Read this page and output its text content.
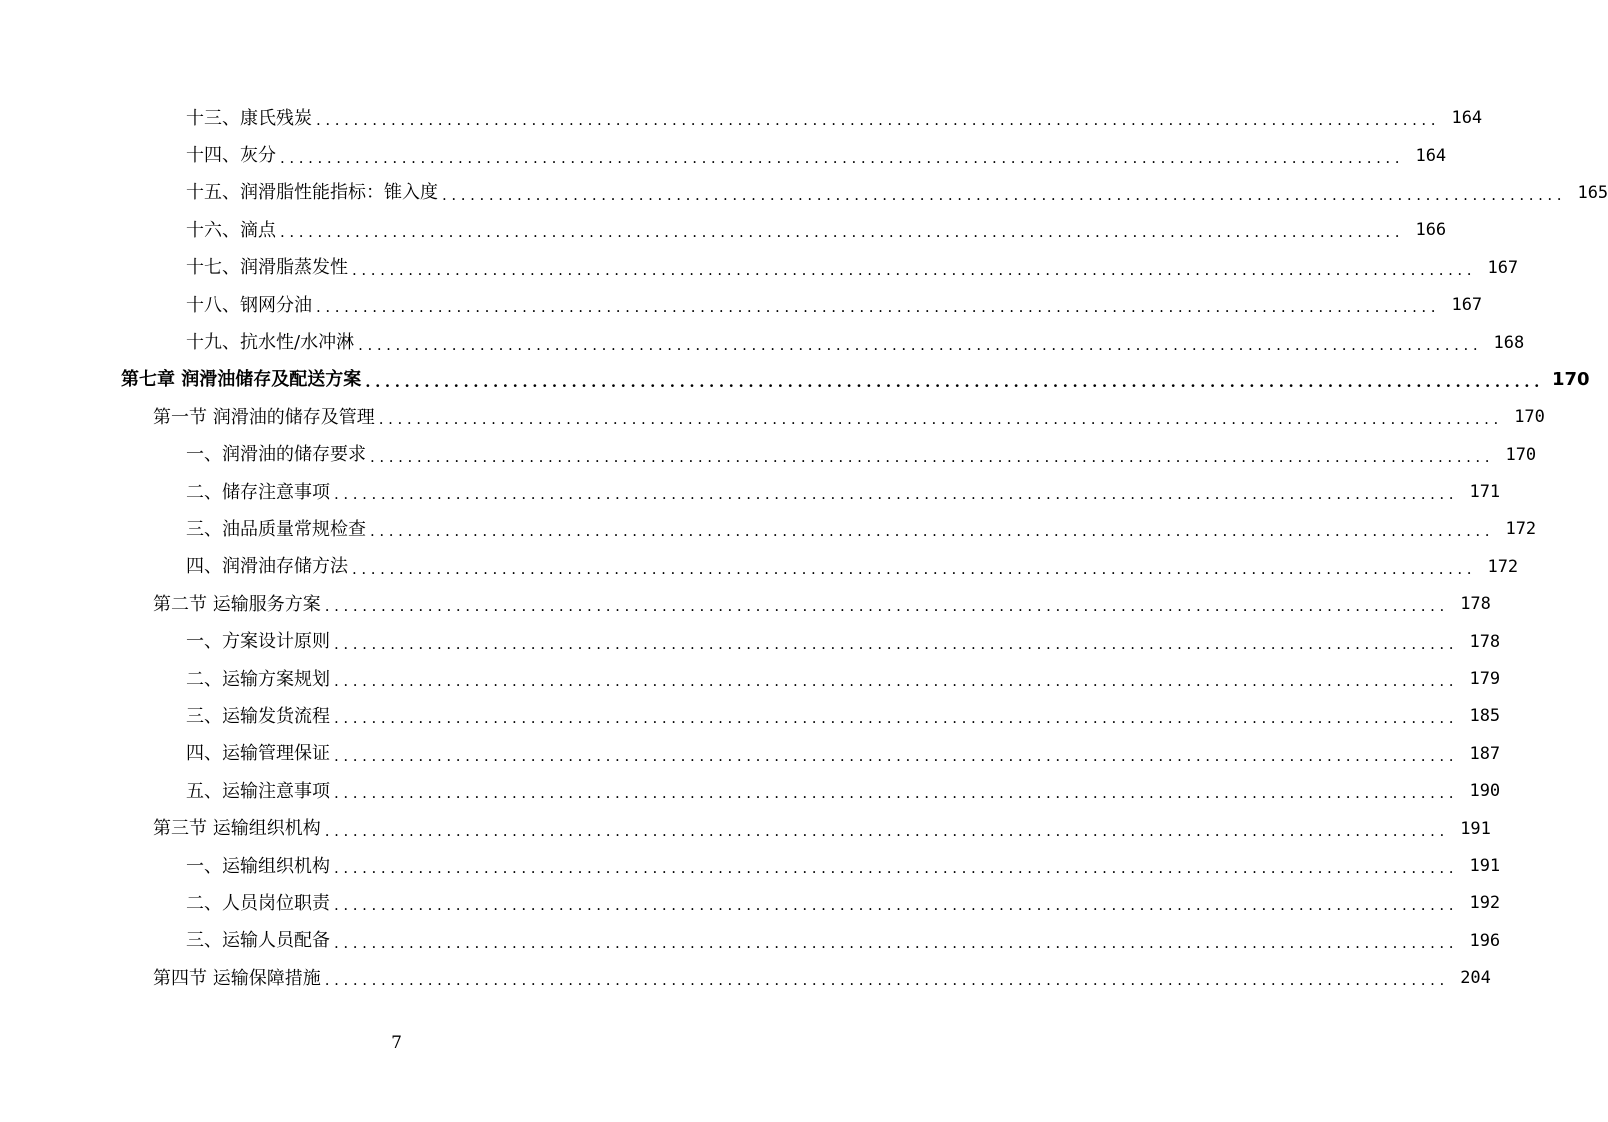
十三、康氏残炭 ........................................................................................................................ 164
十四、灰分 ........................................................................................................................ 164
十五、润滑脂性能指标：锥入度 ........................................................................................................................ 165
十六、滴点 ........................................................................................................................ 166
十七、润滑脂蒸发性 ........................................................................................................................ 167
十八、钢网分油 ........................................................................................................................ 167
十九、抗水性/水冲淋 ........................................................................................................................ 168
第七章 润滑油储存及配送方案 ........................................................................................................................ 170
第一节 润滑油的储存及管理 ........................................................................................................................ 170
一、润滑油的储存要求 ........................................................................................................................ 170
二、储存注意事项 ........................................................................................................................ 171
三、油品质量常规检查 ........................................................................................................................ 172
四、润滑油存储方法 ........................................................................................................................ 172
第二节 运输服务方案 ........................................................................................................................ 178
一、方案设计原则 ........................................................................................................................ 178
二、运输方案规划 ........................................................................................................................ 179
三、运输发货流程 ........................................................................................................................ 185
四、运输管理保证 ........................................................................................................................ 187
五、运输注意事项 ........................................................................................................................ 190
第三节 运输组织机构 ........................................................................................................................ 191
一、运输组织机构 ........................................................................................................................ 191
二、人员岗位职责 ........................................................................................................................ 192
三、运输人员配备 ........................................................................................................................ 196
第四节 运输保障措施 ........................................................................................................................ 204
7
